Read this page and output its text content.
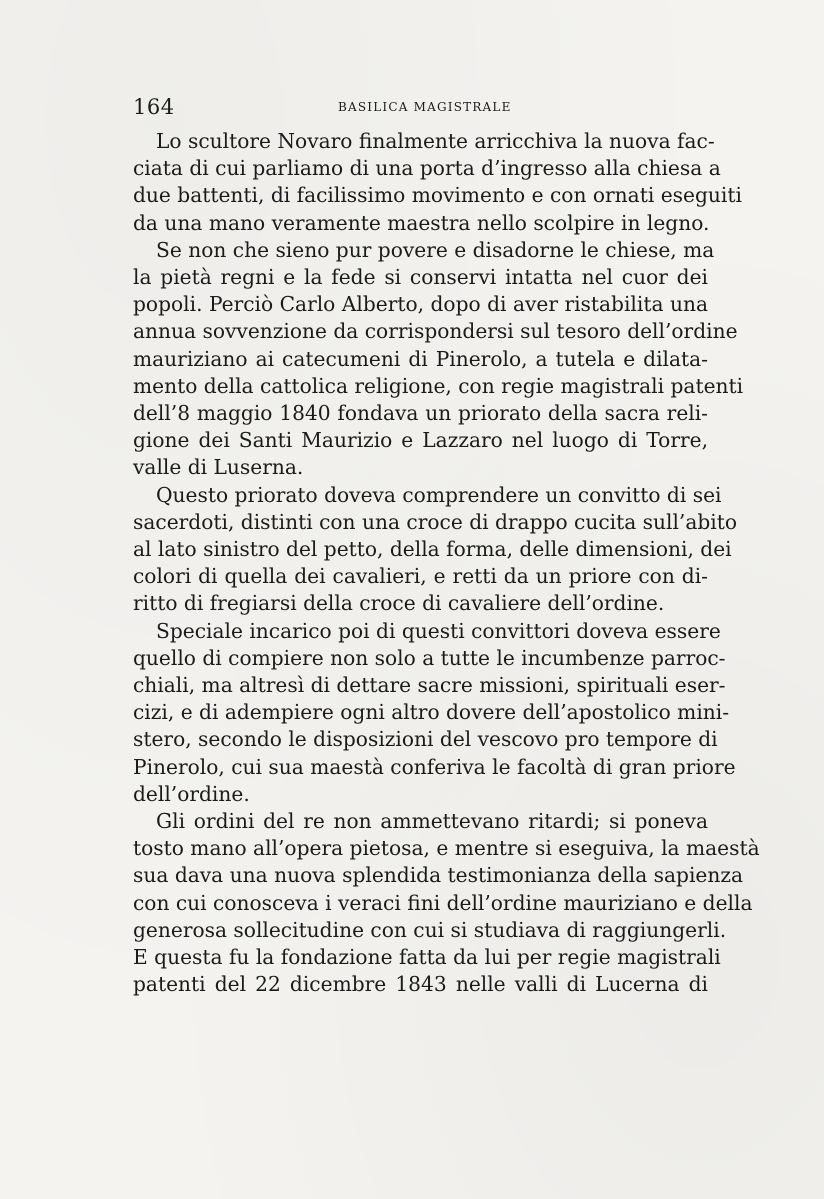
164	BASILICA MAGISTRALE
Lo scultore Novaro finalmente arricchiva la nuova fac-
ciata di cui parliamo di una porta d’ingresso alla chiesa a
due battenti, di facilissimo movimento e con ornati eseguiti
da una mano veramente maestra nello scolpire in legno.
Se non che sieno pur povere e disadorne le chiese, ma
la pietà regni e la fede si conservi intatta nel cuor dei
popoli. Perciò Carlo Alberto, dopo di aver ristabilita una
annua sovvenzione da corrispondersi sul tesoro dell’ordine
mauriziano ai catecumeni di Pinerolo, a tutela e dilata-
mento della cattolica religione, con regie magistrali patenti
dell’8 maggio 1840 fondava un priorato della sacra reli-
gione dei Santi Maurizio e Lazzaro nel luogo di Torre,
valle di Luserna.
Questo priorato doveva comprendere un convitto di sei
sacerdoti, distinti con una croce di drappo cucita sull’abito
al lato sinistro del petto, della forma, delle dimensioni, dei
colori di quella dei cavalieri, e retti da un priore con di-
ritto di fregiarsi della croce di cavaliere dell’ordine.
Speciale incarico poi di questi convittori doveva essere
quello di compiere non solo a tutte le incumbenze parroc-
chiali, ma altresì di dettare sacre missioni, spirituali eser-
cizi, e di adempiere ogni altro dovere dell’apostolico mini-
stero, secondo le disposizioni del vescovo pro tempore di
Pinerolo, cui sua maestà conferiva le facoltà di gran priore
dell’ordine.
Gli ordini del re non ammettevano ritardi; si poneva
tosto mano all’opera pietosa, e mentre si eseguiva, la maestà
sua dava una nuova splendida testimonianza della sapienza
con cui conosceva i veraci fini dell’ordine mauriziano e della
generosa sollecitudine con cui si studiava di raggiungerli.
E questa fu la fondazione fatta da lui per regie magistrali
patenti del 22 dicembre 1843 nelle valli di Lucerna di
